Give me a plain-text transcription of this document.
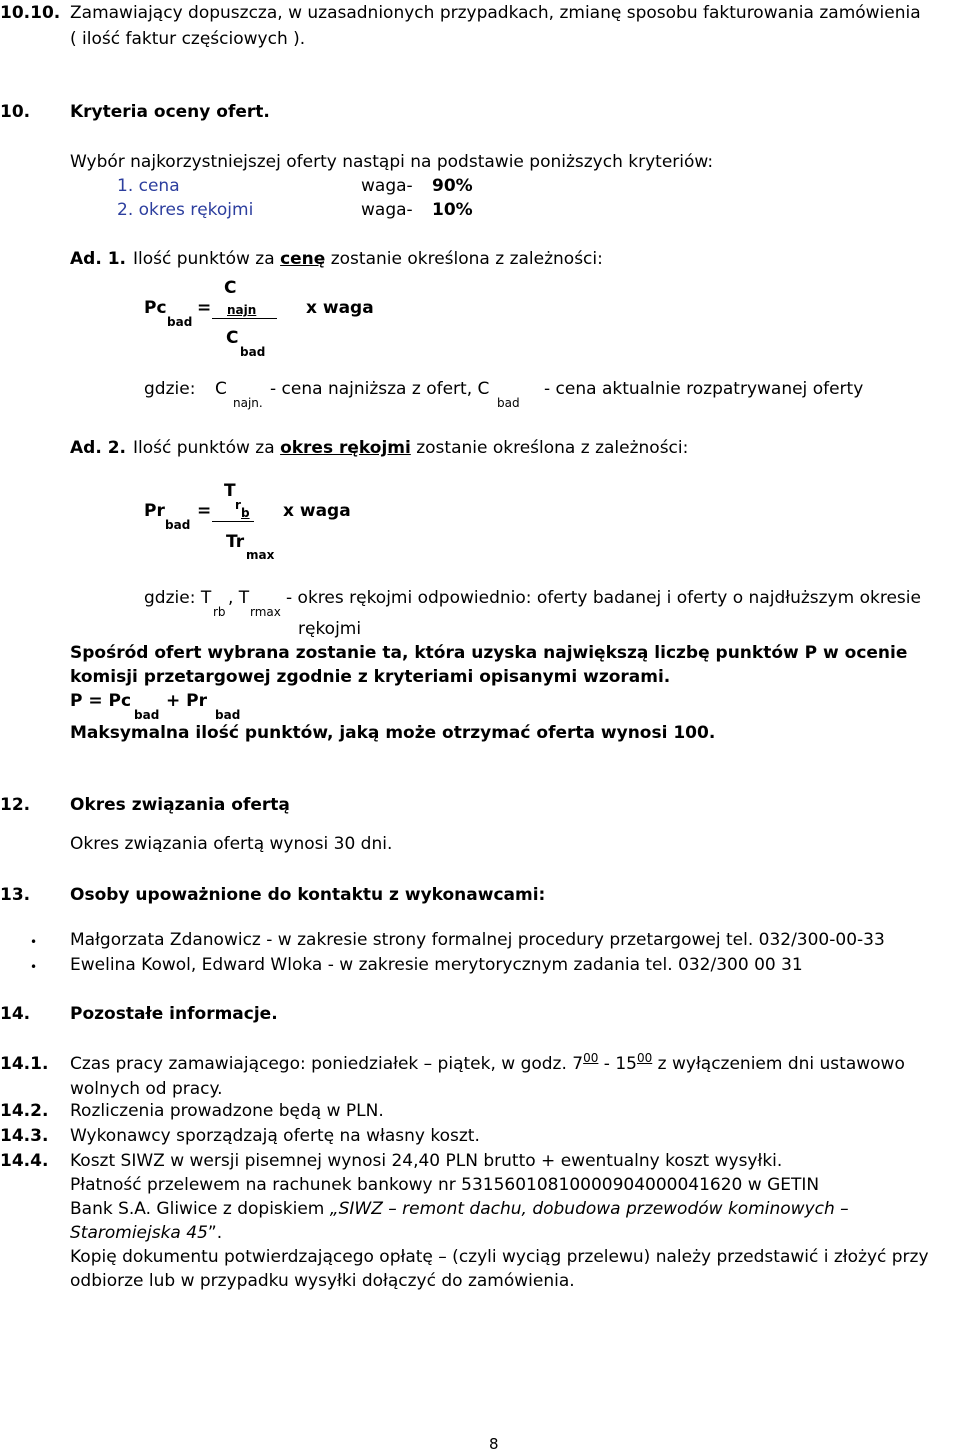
10.10. Zamawiający dopuszcza, w uzasadnionych przypadkach, zmianę sposobu fakturowania zamówienia
( ilość faktur częściowych ).
10. Kryteria oceny ofert.
Wybór najkorzystniejszej oferty nastąpi na podstawie poniższych kryteriów:
1. cena	waga- 90%
2. okres rękojmi	waga- 10%
Ad. 1. Ilość punktów za cenę zostanie określona z zależności:
C
Pc
bad
= najn	x waga
C
bad
gdzie: C
najn.
- cena najniższa z ofert, C
bad
- cena aktualnie rozpatrywanej oferty
Ad. 2. Ilość punktów za okres rękojmi zostanie określona z zależności:
T
Pr
bad
= r
b x waga
Tr
max
gdzie: T
rb
, T
rmax
- okres rękojmi odpowiednio: oferty badanej i oferty o najdłuższym okresie
rękojmi
Spośród ofert wybrana zostanie ta, która uzyska największą liczbę punktów P w ocenie
komisji przetargowej zgodnie z kryteriami opisanymi wzorami.
P = Pc
bad
+ Pr
bad
Maksymalna ilość punktów, jaką może otrzymać oferta wynosi 100.
12. Okres związania ofertą
Okres związania ofertą wynosi 30 dni.
13. Osoby upoważnione do kontaktu z wykonawcami:
• Małgorzata Zdanowicz - w zakresie strony formalnej procedury przetargowej tel. 032/300-00-33
• Ewelina Kowol, Edward Wloka - w zakresie merytorycznym zadania tel. 032/300 00 31
14. Pozostałe informacje.
14.1. Czas pracy zamawiającego: poniedziałek – piątek, w godz. $7^{00} - 15^{00}$ z wyłączeniem dni ustawowo
wolnych od pracy.
14.2. Rozliczenia prowadzone będą w PLN.
14.3. Wykonawcy sporządzają ofertę na własny koszt.
14.4. Koszt SIWZ w wersji pisemnej wynosi 24,40 PLN brutto + ewentualny koszt wysyłki.
Płatność przelewem na rachunek bankowy nr 53156010810000904000041620 w GETIN
Bank S.A. Gliwice z dopiskiem „SIWZ – remont dachu, dobudowa przewodów kominowych –
Staromiejska 45”.
Kopię dokumentu potwierdzającego opłatę – (czyli wyciąg przelewu) należy przedstawić i złożyć przy
odbiorze lub w przypadku wysyłki dołączyć do zamówienia.
8
